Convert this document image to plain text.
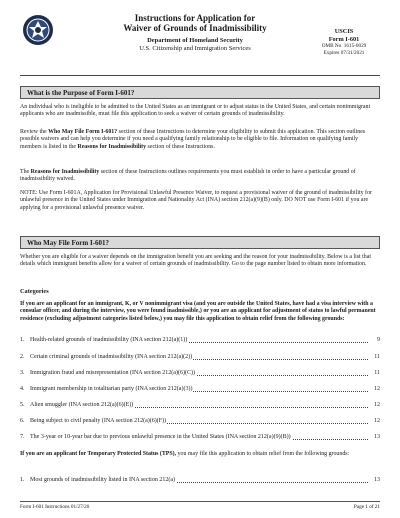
Instructions for Application for
Waiver of Grounds of Inadmissibility
Department of Homeland Security
U.S. Citizenship and Immigration Services
USCIS
Form I-601
OMB No. 1615-0029
Expires 07/31/2021
What is the Purpose of Form I-601?
An individual who is ineligible to be admitted to the United States as an immigrant or to adjust status in the United States, and certain nonimmigrant applicants who are inadmissible, must file this application to seek a waiver of certain grounds of inadmissibility.
Review the Who May File Form I-601? section of these Instructions to determine your eligibility to submit this application. This section outlines possible waivers and can help you determine if you need a qualifying family relationship to be eligible to file. Information on qualifying family members is listed in the Reasons for Inadmissibility section of these Instructions.
The Reasons for Inadmissibility section of these Instructions outlines requirements you must establish in order to have a particular ground of inadmissibility waived.
NOTE: Use Form I-601A, Application for Provisional Unlawful Presence Waiver, to request a provisional waiver of the ground of inadmissibility for unlawful presence in the United States under Immigration and Nationality Act (INA) section 212(a)(9)(B) only. DO NOT use Form I-601 if you are applying for a provisional unlawful presence waiver.
Who May File Form I-601?
Whether you are eligible for a waiver depends on the immigration benefit you are seeking and the reason for your inadmissibility. Below is a list that details which immigrant benefits allow for a waiver of certain grounds of inadmissibility. Go to the page number listed to obtain more information.
Categories
If you are an applicant for an immigrant, K, or V nonimmigrant visa (and you are outside the United States, have had a visa interview with a consular officer, and during the interview, you were found inadmissible,) or you are an applicant for adjustment of status to lawful permanent residence (excluding adjustment categories listed below,) you may file this application to obtain relief from the following grounds:
1. Health-related grounds of inadmissibility (INA section 212(a)(1))	9
2. Certain criminal grounds of inadmissibility (INA section 212(a)(2))	11
3. Immigration fraud and misrepresentation (INA section 212(a)(6)(C))	11
4. Immigrant membership in totalitarian party (INA section 212(a)(3))	12
5. Alien smuggler (INA section 212(a)(6)(E))	12
6. Being subject to civil penalty (INA section 212(a)(6)(F))	12
7. The 3-year or 10-year bar due to previous unlawful presence in the United States (INA section 212(a)(9)(B))	13
If you are an applicant for Temporary Protected Status (TPS), you may file this application to obtain relief from the following grounds:
1. Most grounds of inadmissibility listed in INA section 212(a)	13
Form I-601 Instructions 01/27/20	Page 1 of 21
